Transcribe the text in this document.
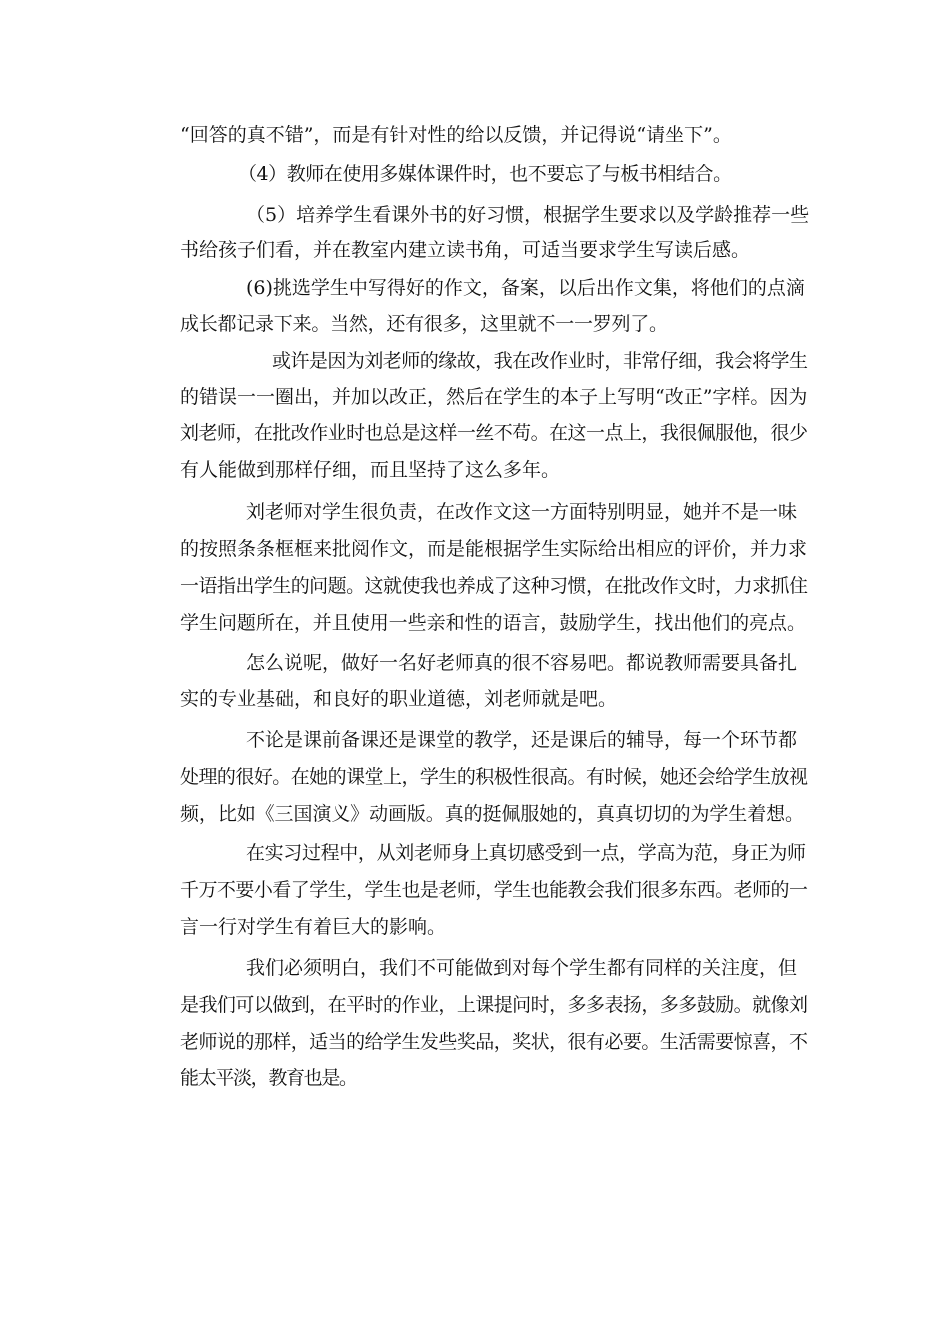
“回答的真不错”，而是有针对性的给以反馈，并记得说“请坐下”。
（4）教师在使用多媒体课件时，也不要忘了与板书相结合。
（5）培养学生看课外书的好习惯，根据学生要求以及学龄推荐一些
书给孩子们看，并在教室内建立读书角，可适当要求学生写读后感。
(6)挑选学生中写得好的作文，备案，以后出作文集，将他们的点滴
成长都记录下来。当然，还有很多，这里就不一一罗列了。
或许是因为刘老师的缘故，我在改作业时，非常仔细，我会将学生
的错误一一圈出，并加以改正，然后在学生的本子上写明“改正”字样。因为
刘老师，在批改作业时也总是这样一丝不苟。在这一点上，我很佩服他，很少
有人能做到那样仔细，而且坚持了这么多年。
刘老师对学生很负责，在改作文这一方面特别明显，她并不是一味
的按照条条框框来批阅作文，而是能根据学生实际给出相应的评价，并力求
一语指出学生的问题。这就使我也养成了这种习惯，在批改作文时，力求抓住
学生问题所在，并且使用一些亲和性的语言，鼓励学生，找出他们的亮点。
怎么说呢，做好一名好老师真的很不容易吧。都说教师需要具备扎
实的专业基础，和良好的职业道德，刘老师就是吧。
不论是课前备课还是课堂的教学，还是课后的辅导，每一个环节都
处理的很好。在她的课堂上，学生的积极性很高。有时候，她还会给学生放视
频，比如《三国演义》动画版。真的挺佩服她的，真真切切的为学生着想。
在实习过程中，从刘老师身上真切感受到一点，学高为范，身正为师
千万不要小看了学生，学生也是老师，学生也能教会我们很多东西。老师的一
言一行对学生有着巨大的影响。
我们必须明白，我们不可能做到对每个学生都有同样的关注度，但
是我们可以做到，在平时的作业，上课提问时，多多表扬，多多鼓励。就像刘
老师说的那样，适当的给学生发些奖品，奖状，很有必要。生活需要惊喜，不
能太平淡，教育也是。
